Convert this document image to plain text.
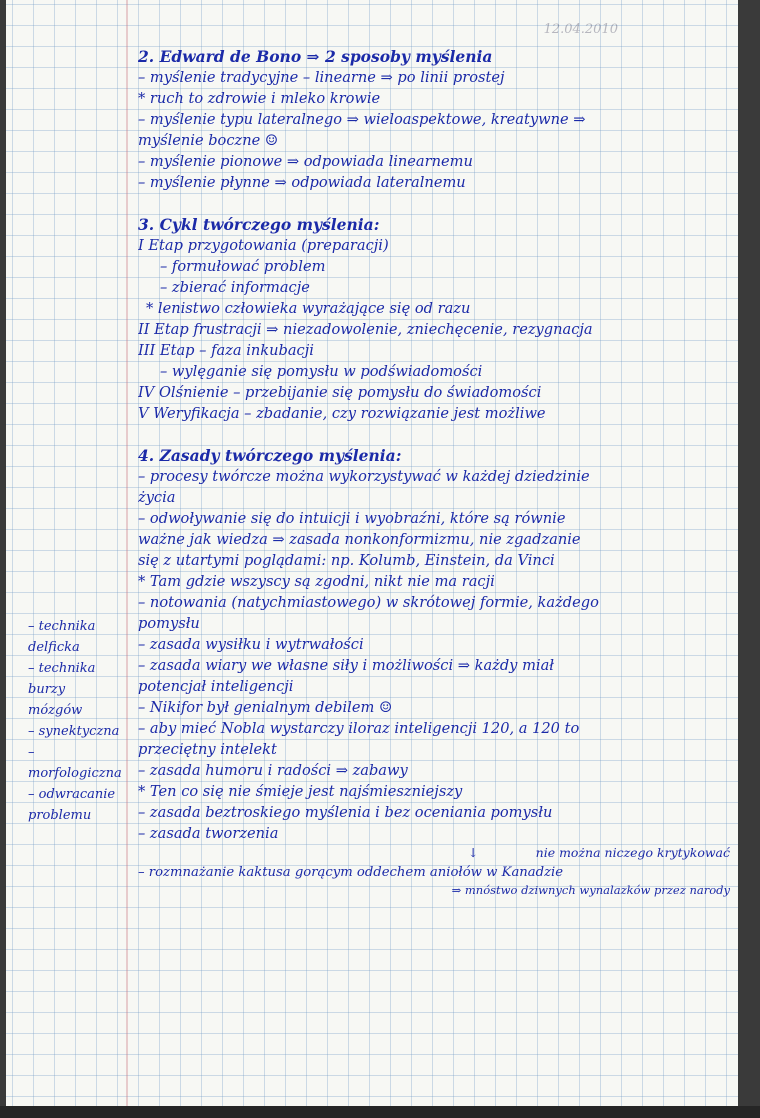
12.04.2010
2. Edward de Bono ⇒ 2 sposoby myślenia
– myślenie tradycyjne – linearne ⇒ po linii prostej
* ruch to zdrowie i mleko krowie
– myślenie typu lateralnego ⇒ wieloaspektowe, kreatywne ⇒
myślenie boczne ☺
– myślenie pionowe ⇒ odpowiada linearnemu
– myślenie płynne ⇒ odpowiada lateralnemu
3. Cykl twórczego myślenia:
I Etap przygotowania (preparacji)
– formułować problem
– zbierać informacje
* lenistwo człowieka wyrażające się od razu
II Etap frustracji ⇒ niezadowolenie, zniechęcenie, rezygnacja
III Etap – faza inkubacji
– wylęganie się pomysłu w podświadomości
IV Olśnienie – przebijanie się pomysłu do świadomości
V Weryfikacja – zbadanie, czy rozwiązanie jest możliwe
4. Zasady twórczego myślenia:
– procesy twórcze można wykorzystywać w każdej dziedzinie
życia
– odwoływanie się do intuicji i wyobraźni, które są równie
ważne jak wiedza ⇒ zasada nonkonformizmu, nie zgadzanie
się z utartymi poglądami: np. Kolumb, Einstein, da Vinci
* Tam gdzie wszyscy są zgodni, nikt nie ma racji
– notowania (natychmiastowego) w skrótowej formie, każdego
pomysłu
– zasada wysiłku i wytrwałości
– zasada wiary we własne siły i możliwości ⇒ każdy miał
potencjał inteligencji
– Nikifor był genialnym debilem ☺
– aby mieć Nobla wystarczy iloraz inteligencji 120, a 120 to
przeciętny intelekt
– zasada humoru i radości ⇒ zabawy
* Ten co się nie śmieje jest najśmieszniejszy
– zasada beztroskiego myślenia i bez oceniania pomysłu
– zasada tworzenia
↓	nie można niczego krytykować
– rozmnażanie kaktusa gorącym oddechem aniołów w Kanadzie
⇒ mnóstwo dziwnych wynalazków przez narody
– technika
delficka
– technika
burzy
mózgów
– synektyczna
– morfologiczna
– odwracanie
problemu
